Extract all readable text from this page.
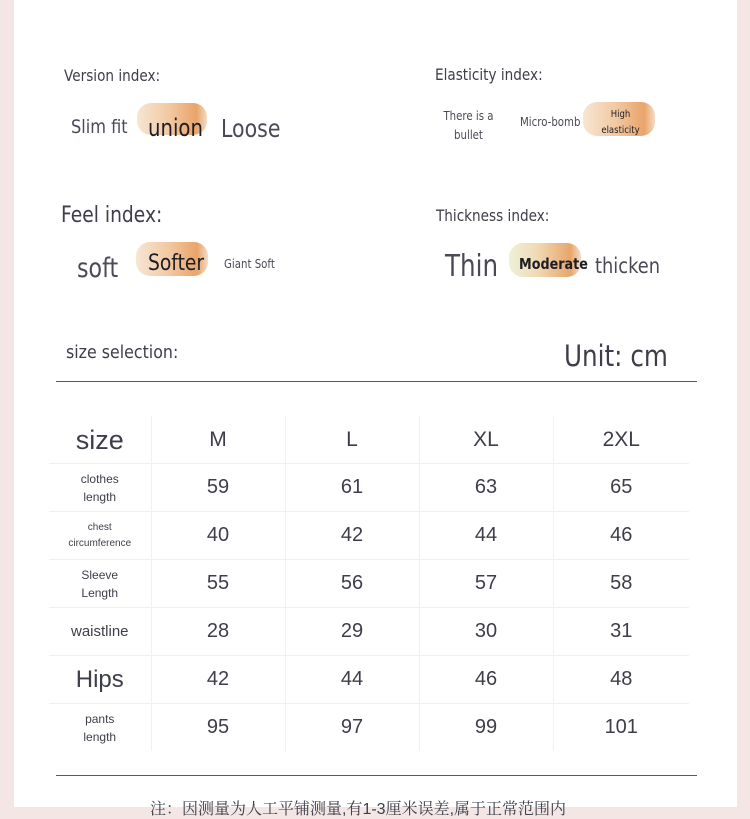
Version index:
Slim fit union Loose
Elasticity index:
There is a bullet
Micro-bomb
High elasticity
Feel index:
soft Softer Giant Soft
Thickness index:
Thin Moderate thicken
size selection:	Unit: cm
size	M	L	XL	2XL
clothes length	59	61	63	65
chest circumference	40	42	44	46
Sleeve Length	55	56	57	58
waistline	28	29	30	31
Hips	42	44	46	48
pants length	95	97	99	101
注：因测量为人工平铺测量,有1-3厘米误差,属于正常范围内
